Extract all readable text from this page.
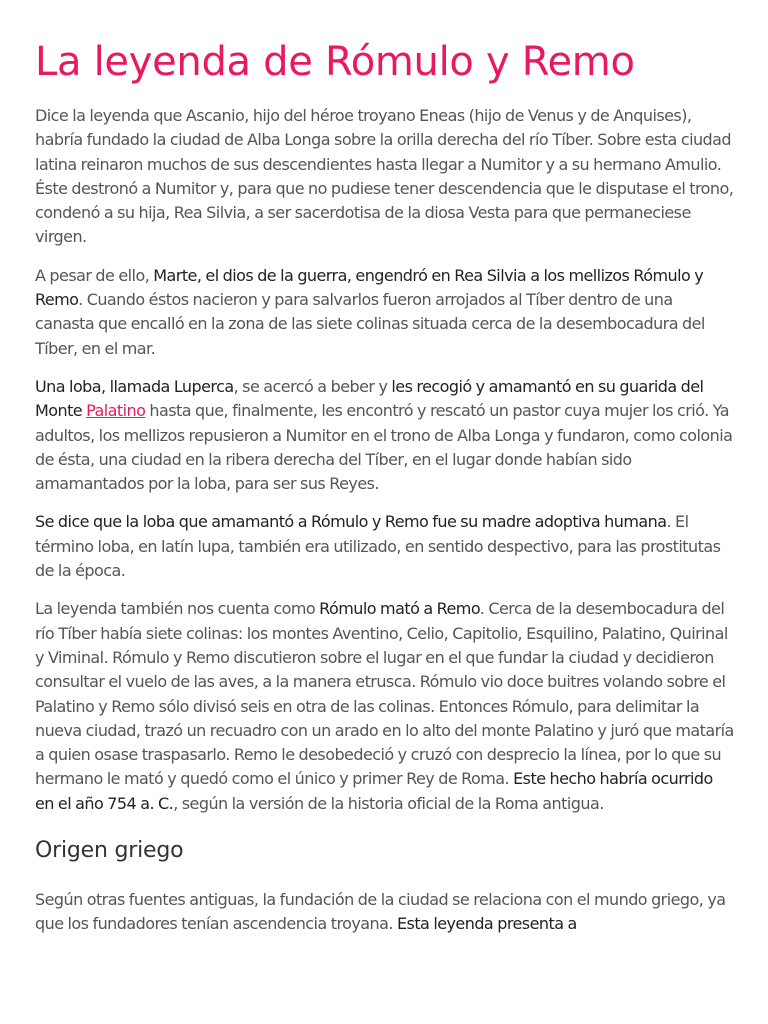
La leyenda de Rómulo y Remo

Dice la leyenda que Ascanio, hijo del héroe troyano Eneas (hijo de Venus y de Anquises), habría fundado la ciudad de Alba Longa sobre la orilla derecha del río Tíber. Sobre esta ciudad latina reinaron muchos de sus descendientes hasta llegar a Numitor y a su hermano Amulio. Éste destronó a Numitor y, para que no pudiese tener descendencia que le disputase el trono, condenó a su hija, Rea Silvia, a ser sacerdotisa de la diosa Vesta para que permaneciese virgen.

A pesar de ello, Marte, el dios de la guerra, engendró en Rea Silvia a los mellizos Rómulo y Remo. Cuando éstos nacieron y para salvarlos fueron arrojados al Tíber dentro de una canasta que encalló en la zona de las siete colinas situada cerca de la desembocadura del Tíber, en el mar.

Una loba, llamada Luperca, se acercó a beber y les recogió y amamantó en su guarida del Monte Palatino hasta que, finalmente, les encontró y rescató un pastor cuya mujer los crió. Ya adultos, los mellizos repusieron a Numitor en el trono de Alba Longa y fundaron, como colonia de ésta, una ciudad en la ribera derecha del Tíber, en el lugar donde habían sido amamantados por la loba, para ser sus Reyes.

Se dice que la loba que amamantó a Rómulo y Remo fue su madre adoptiva humana. El término loba, en latín lupa, también era utilizado, en sentido despectivo, para las prostitutas de la época.

La leyenda también nos cuenta como Rómulo mató a Remo. Cerca de la desembocadura del río Tíber había siete colinas: los montes Aventino, Celio, Capitolio, Esquilino, Palatino, Quirinal y Viminal. Rómulo y Remo discutieron sobre el lugar en el que fundar la ciudad y decidieron consultar el vuelo de las aves, a la manera etrusca. Rómulo vio doce buitres volando sobre el Palatino y Remo sólo divisó seis en otra de las colinas. Entonces Rómulo, para delimitar la nueva ciudad, trazó un recuadro con un arado en lo alto del monte Palatino y juró que mataría a quien osase traspasarlo. Remo le desobedeció y cruzó con desprecio la línea, por lo que su hermano le mató y quedó como el único y primer Rey de Roma. Este hecho habría ocurrido en el año 754 a. C., según la versión de la historia oficial de la Roma antigua.

Origen griego

Según otras fuentes antiguas, la fundación de la ciudad se relaciona con el mundo griego, ya que los fundadores tenían ascendencia troyana. Esta leyenda presenta a
